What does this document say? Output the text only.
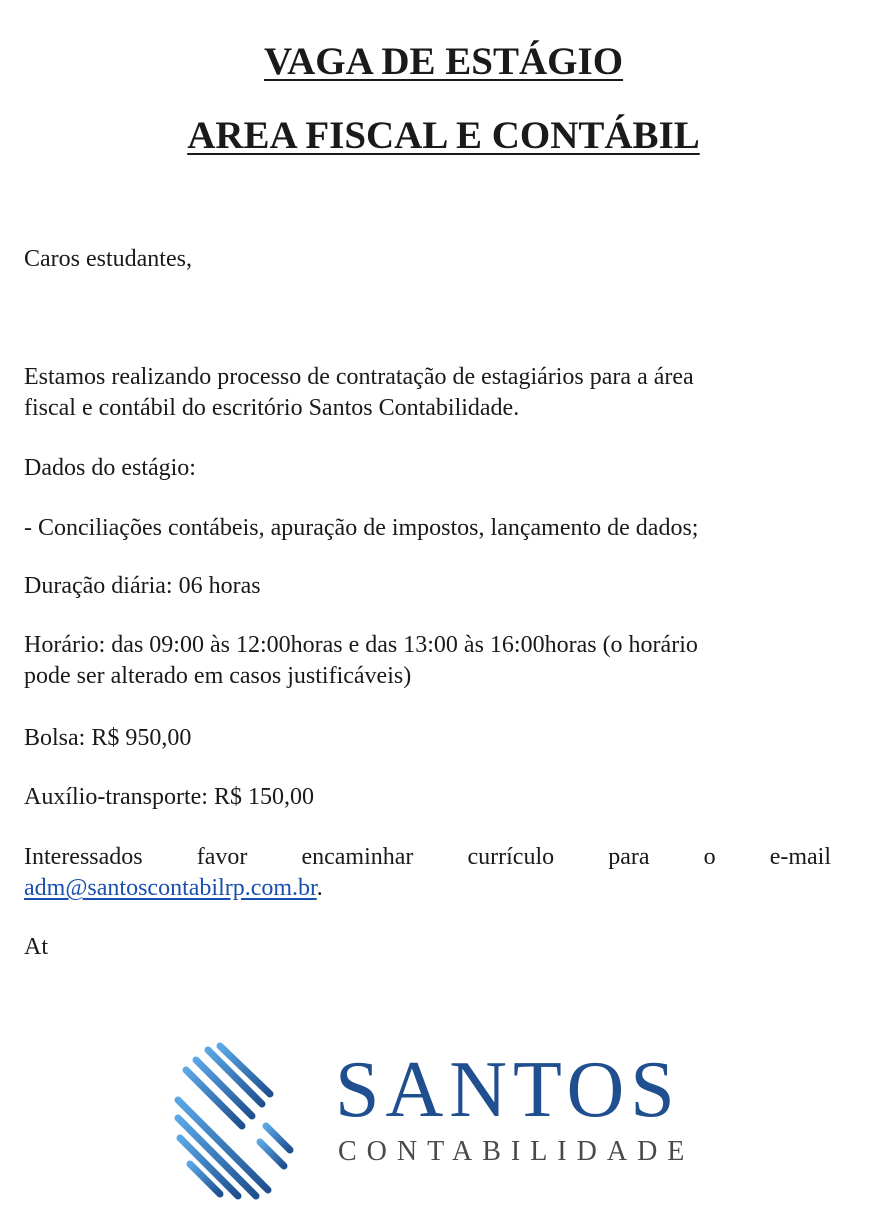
VAGA DE ESTÁGIO
AREA FISCAL E CONTÁBIL

Caros estudantes,

Estamos realizando processo de contratação de estagiários para a área
fiscal e contábil do escritório Santos Contabilidade.

Dados do estágio:

- Conciliações contábeis, apuração de impostos, lançamento de dados;

Duração diária: 06 horas

Horário: das 09:00 às 12:00horas e das 13:00 às 16:00horas (o horário
pode ser alterado em casos justificáveis)

Bolsa: R$ 950,00

Auxílio-transporte: R$ 150,00

Interessados favor encaminhar currículo para o e-mail
adm@santoscontabilrp.com.br.

At

SANTOS

CONTABILIDADE
